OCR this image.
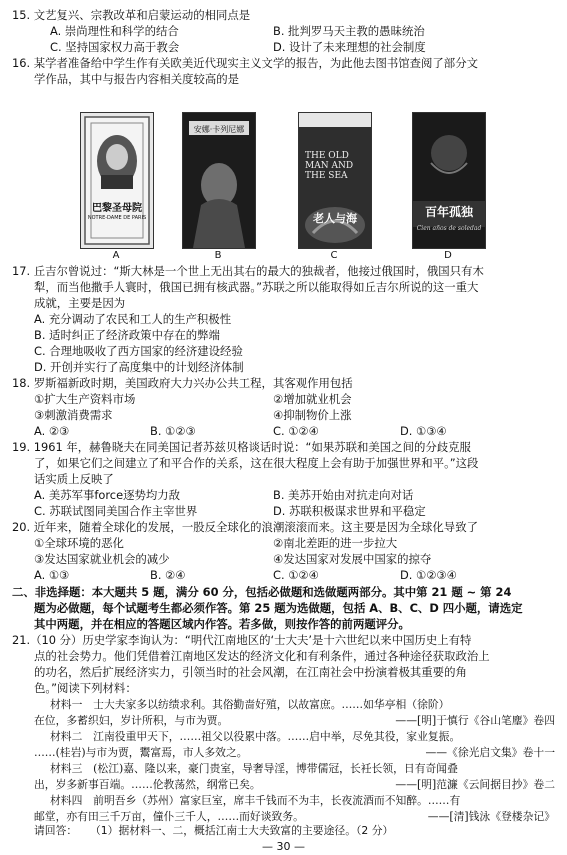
15. 文艺复兴、宗教改革和启蒙运动的相同点是
A. 崇尚理性和科学的结合	B. 批判罗马天主教的愚昧统治
C. 坚持国家权力高于教会	D. 设计了未来理想的社会制度
16. 某学者准备给中学生作有关欧美近代现实主义文学的报告，为此他去图书馆查阅了部分文
学作品，其中与报告内容相关度较高的是
巴黎圣母院
NOTRE-DAME DE PARIS
A
安娜·卡列尼娜
B
THE OLD MAN AND THE SEA
老人与海
C
百年孤独
Cien años de soledad
D
17. 丘吉尔曾说过：“斯大林是一个世上无出其右的最大的独裁者，他接过俄国时，俄国只有木
犁，而当他撒手人寰时，俄国已拥有核武器。”苏联之所以能取得如丘吉尔所说的这一重大
成就，主要是因为
A. 充分调动了农民和工人的生产积极性
B. 适时纠正了经济政策中存在的弊端
C. 合理地吸收了西方国家的经济建设经验
D. 开创并实行了高度集中的计划经济体制
18. 罗斯福新政时期，美国政府大力兴办公共工程，其客观作用包括
①扩大生产资料市场	②增加就业机会
③刺激消费需求	④抑制物价上涨
A. ②③	B. ①②③	C. ①②④	D. ①③④
19. 1961 年，赫鲁晓夫在同美国记者苏兹贝格谈话时说：“如果苏联和美国之间的分歧克服
了，如果它们之间建立了和平合作的关系，这在很大程度上会有助于加强世界和平。”这段
话实质上反映了
A. 美苏军事force逐势均力敌	B. 美苏开始由对抗走向对话
C. 苏联试图同美国合作主宰世界	D. 苏联积极谋求世界和平稳定
20. 近年来，随着全球化的发展，一股反全球化的浪潮滚滚而来。这主要是因为全球化导致了
①全球环境的恶化	②南北差距的进一步拉大
③发达国家就业机会的减少	④发达国家对发展中国家的掠夺
A. ①③	B. ②④	C. ①②④	D. ①②③④
二、非选择题：本大题共 5 题，满分 60 分，包括必做题和选做题两部分。其中第 21 题 ~ 第 24
题为必做题，每个试题考生都必须作答。第 25 题为选做题，包括 A、B、C、D 四小题，请选定
其中两题，并在相应的答题区域内作答。若多做，则按作答的前两题评分。
21.（10 分）历史学家李询认为：“明代江南地区的‘士大夫’是十六世纪以来中国历史上有特
点的社会势力。他们凭借着江南地区发达的经济文化和有利条件，通过各种途径获取政治上
的功名，然后扩展经济实力，引领当时的社会风潮，在江南社会中扮演着极其重要的角
色。”阅读下列材料：
材料一　士大夫家多以纺绩求利。其俗勤啬好殖，以故富庶。……如华亭相（徐阶）
在位，多蓄织妇，岁计所积，与市为贾。	——[明]于慎行《谷山笔麈》卷四
材料二　江南役重甲天下，……祖父以役累中落。……启中举，尽免其役，家业复振。
……(桂岩)与市为贾，鬻富焉，市人多效之。	——《徐光启文集》卷十一
材料三　(松江)嘉、隆以来，豪门贵室，导奢导淫，博带儒冠，长衽长领，日有奇闻叠
出，岁多新事百端。……伦教荡然，纲常已矣。	——[明]范濂《云间据目抄》卷二
材料四　前明吾乡（苏州）富家巨室，席丰千钱而不为丰，长夜流酒而不知醉。……有
邮堂，亦有田三千万亩，僮仆三千人，……而好谈致务。	——[清]钱泳《登楼杂记》
请回答： （1）据材料一、二，概括江南士大夫致富的主要途径。（2 分）
— 30 —
